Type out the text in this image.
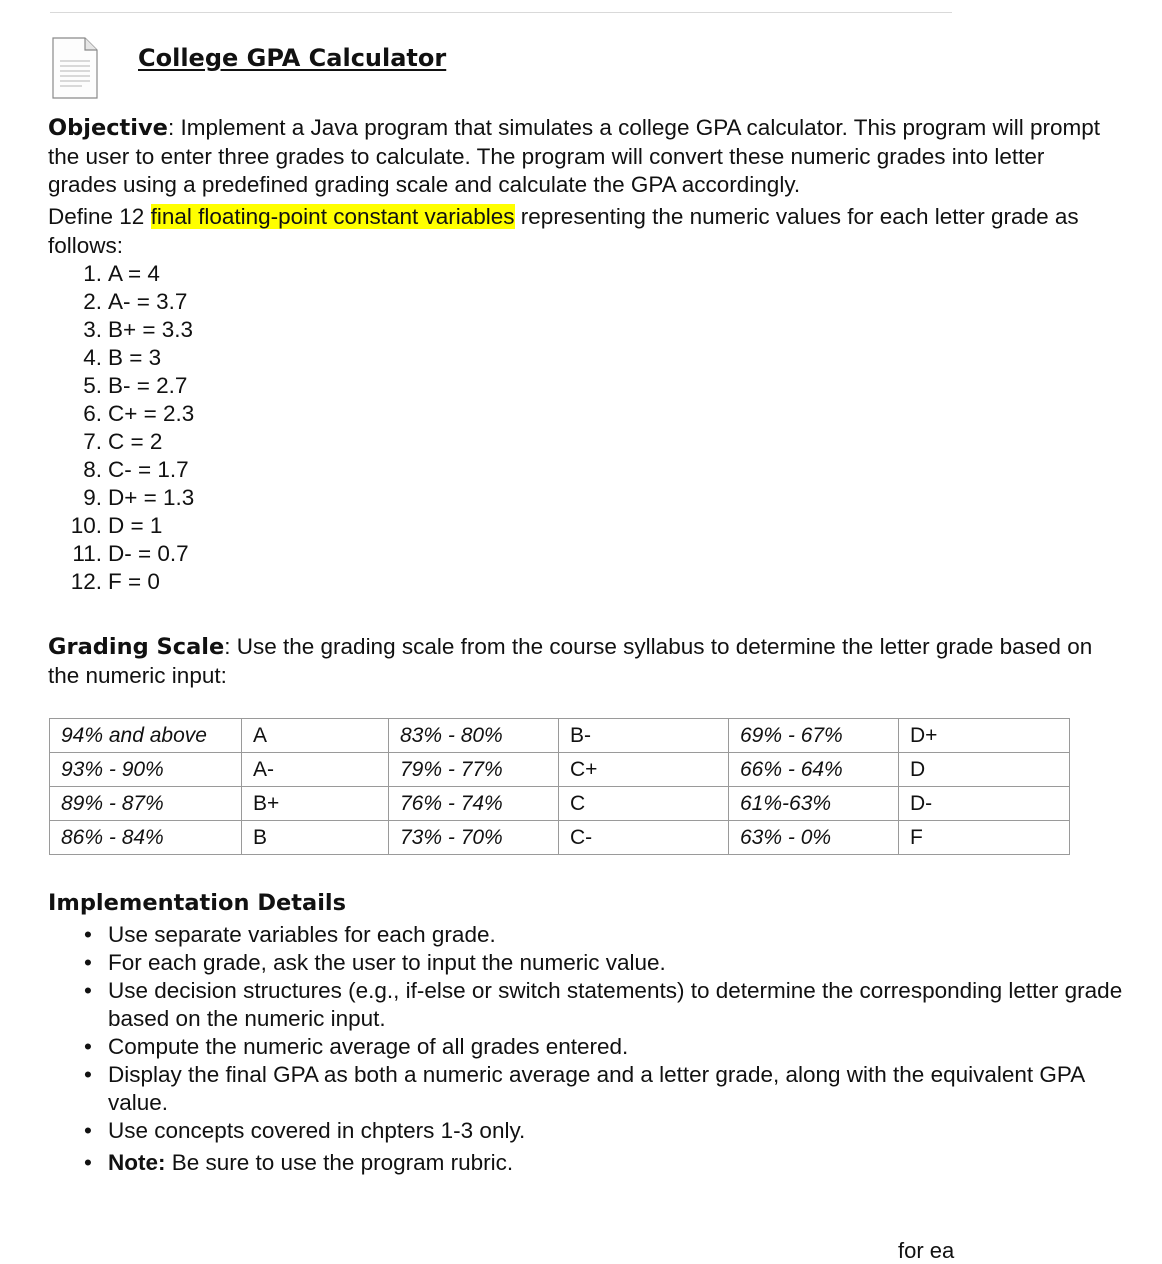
College GPA Calculator
Objective: Implement a Java program that simulates a college GPA calculator. This program will prompt the user to enter three grades to calculate. The program will convert these numeric grades into letter grades using a predefined grading scale and calculate the GPA accordingly.
Define 12 final floating-point constant variables representing the numeric values for each letter grade as follows:
1. A = 4
2. A- = 3.7
3. B+ = 3.3
4. B = 3
5. B- = 2.7
6. C+ = 2.3
7. C = 2
8. C- = 1.7
9. D+ = 1.3
10. D = 1
11. D- = 0.7
12. F = 0
Grading Scale: Use the grading scale from the course syllabus to determine the letter grade based on the numeric input:
94% and above	A	83% - 80%	B-	69% - 67%	D+
93% - 90%	A-	79% - 77%	C+	66% - 64%	D
89% - 87%	B+	76% - 74%	C	61%-63%	D-
86% - 84%	B	73% - 70%	C-	63% - 0%	F
Implementation Details
• Use separate variables for each grade.
• For each grade, ask the user to input the numeric value.
• Use decision structures (e.g., if-else or switch statements) to determine the corresponding letter grade based on the numeric input.
• Compute the numeric average of all grades entered.
• Display the final GPA as both a numeric average and a letter grade, along with the equivalent GPA value.
• Use concepts covered in chpters 1-3 only.
• Note: Be sure to use the program rubric.
for ea
